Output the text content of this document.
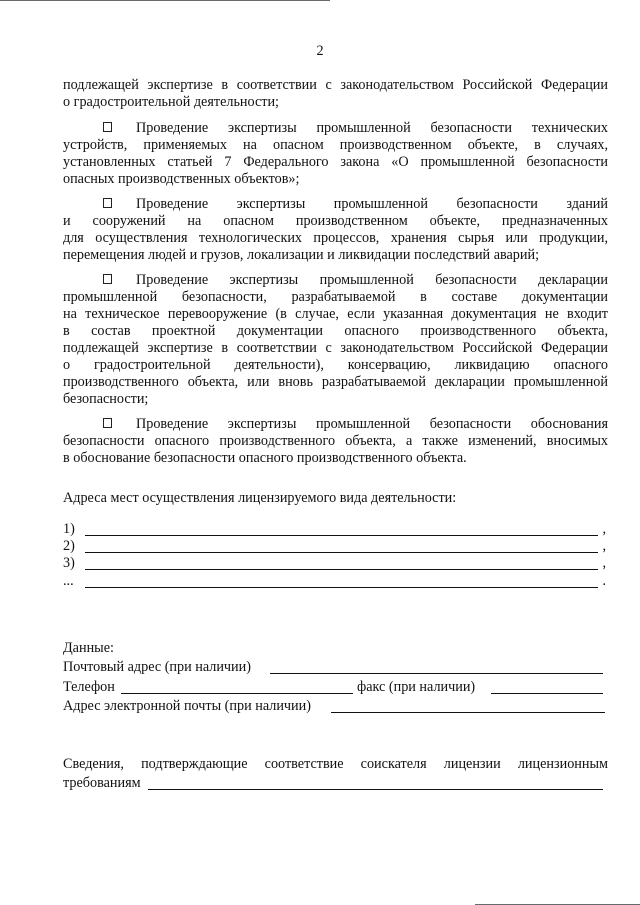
2
подлежащей экспертизе в соответствии с законодательством Российской Федерации
о градостроительной деятельности;
Проведение экспертизы промышленной безопасности технических
устройств, применяемых на опасном производственном объекте, в случаях,
установленных статьей 7 Федерального закона «О промышленной безопасности
опасных производственных объектов»;
Проведение экспертизы промышленной безопасности зданий
и сооружений на опасном производственном объекте, предназначенных
для осуществления технологических процессов, хранения сырья или продукции,
перемещения людей и грузов, локализации и ликвидации последствий аварий;
Проведение экспертизы промышленной безопасности декларации
промышленной безопасности, разрабатываемой в составе документации
на техническое перевооружение (в случае, если указанная документация не входит
в состав проектной документации опасного производственного объекта,
подлежащей экспертизе в соответствии с законодательством Российской Федерации
о градостроительной деятельности), консервацию, ликвидацию опасного
производственного объекта, или вновь разрабатываемой декларации промышленной
безопасности;
Проведение экспертизы промышленной безопасности обоснования
безопасности опасного производственного объекта, а также изменений, вносимых
в обоснование безопасности опасного производственного объекта.
Адреса мест осуществления лицензируемого вида деятельности:
1)	,
2)	,
3)	,
...	.
Данные:
Почтовый адрес (при наличии)
Телефон	факс (при наличии)
Адрес электронной почты (при наличии)
Сведения, подтверждающие соответствие соискателя лицензии лицензионным
требованиям
